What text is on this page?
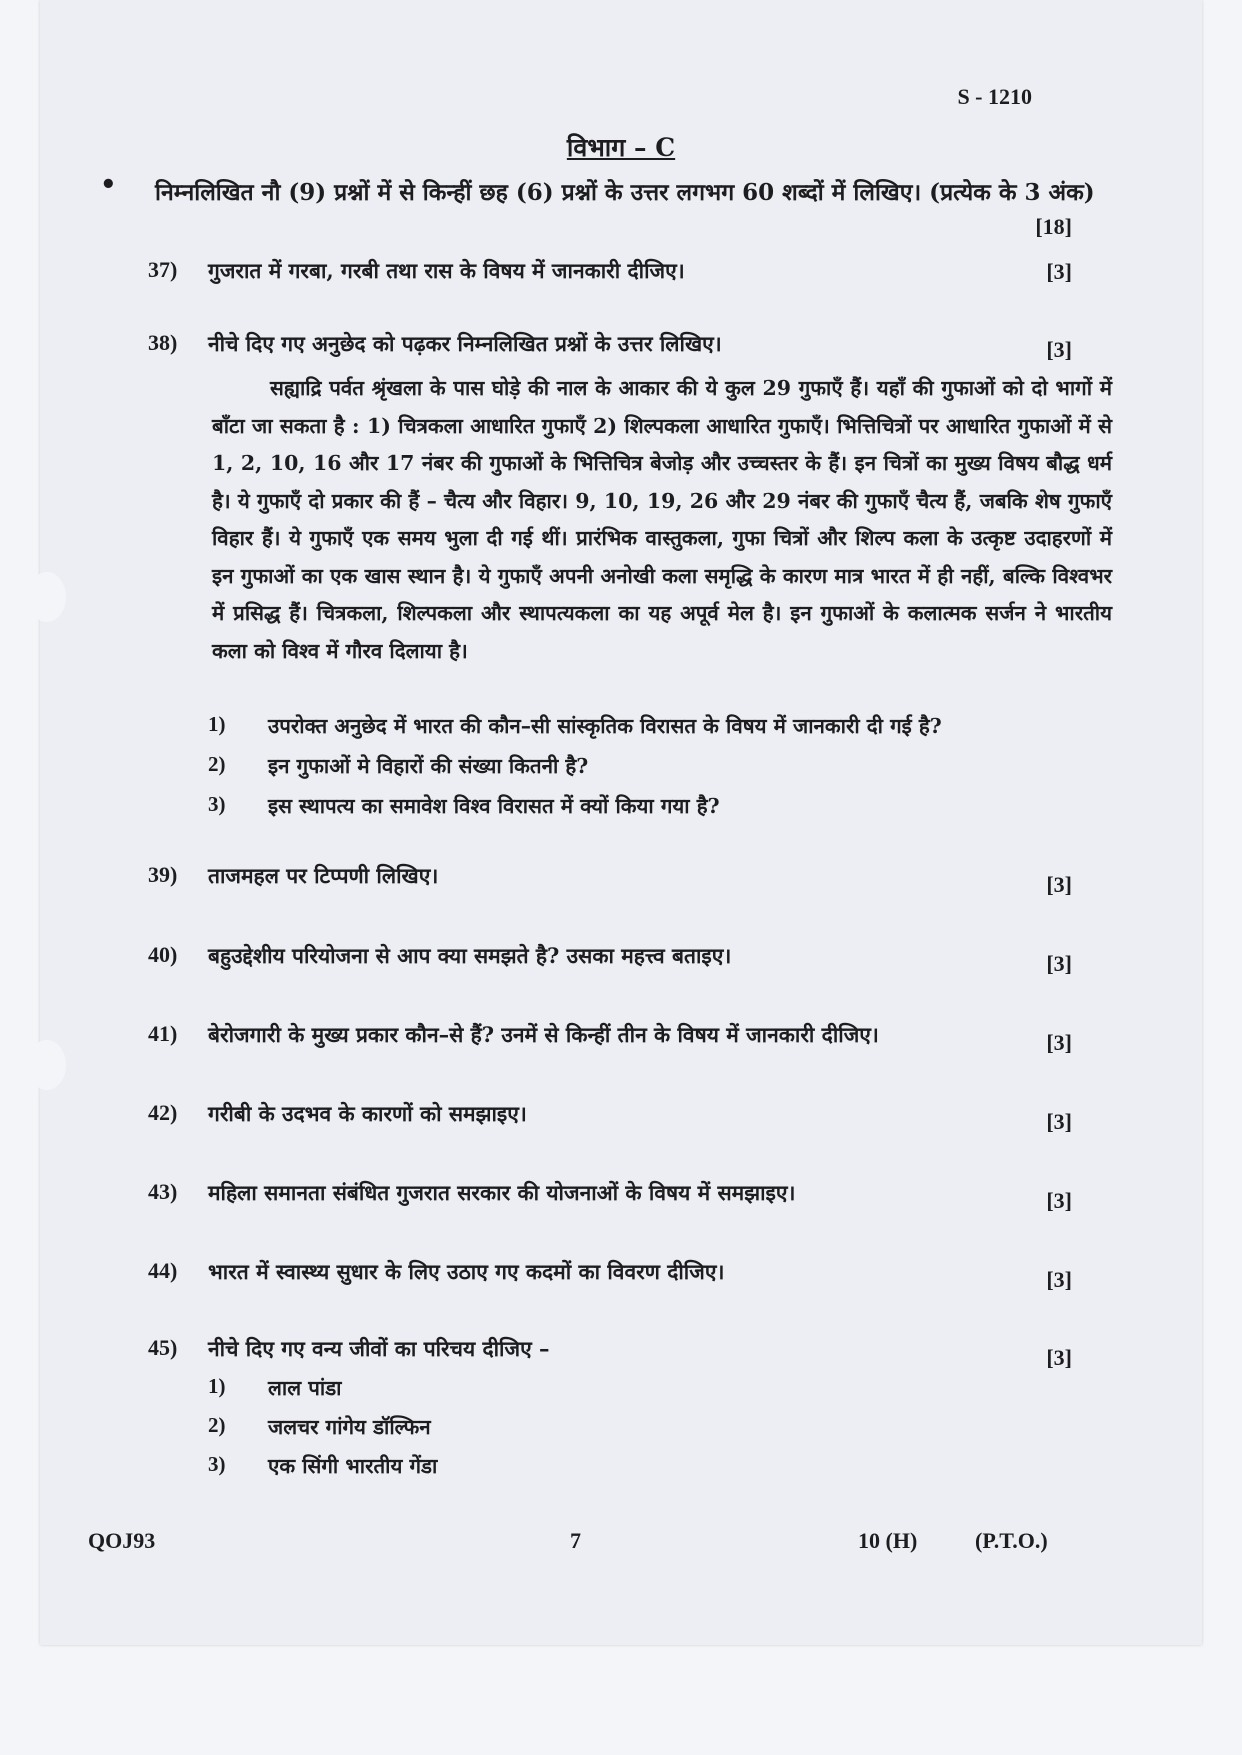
S - 1210
विभाग – C
• निम्नलिखित नौ (9) प्रश्नों में से किन्हीं छह (6) प्रश्नों के उत्तर लगभग 60 शब्दों में लिखिए। (प्रत्येक के 3 अंक)
[18]
37) गुजरात में गरबा, गरबी तथा रास के विषय में जानकारी दीजिए।	[3]
38) नीचे दिए गए अनुछेद को पढ़कर निम्नलिखित प्रश्नों के उत्तर लिखिए।	[3]
सह्याद्रि पर्वत श्रृंखला के पास घोड़े की नाल के आकार की ये कुल 29 गुफाएँ हैं। यहाँ की गुफाओं को दो भागों में बाँटा जा सकता है : 1) चित्रकला आधारित गुफाएँ 2) शिल्पकला आधारित गुफाएँ। भित्तिचित्रों पर आधारित गुफाओं में से 1, 2, 10, 16 और 17 नंबर की गुफाओं के भित्तिचित्र बेजोड़ और उच्चस्तर के हैं। इन चित्रों का मुख्य विषय बौद्ध धर्म है। ये गुफाएँ दो प्रकार की हैं – चैत्य और विहार। 9, 10, 19, 26 और 29 नंबर की गुफाएँ चैत्य हैं, जबकि शेष गुफाएँ विहार हैं। ये गुफाएँ एक समय भुला दी गई थीं। प्रारंभिक वास्तुकला, गुफा चित्रों और शिल्प कला के उत्कृष्ट उदाहरणों में इन गुफाओं का एक खास स्थान है। ये गुफाएँ अपनी अनोखी कला समृद्धि के कारण मात्र भारत में ही नहीं, बल्कि विश्वभर में प्रसिद्ध हैं। चित्रकला, शिल्पकला और स्थापत्यकला का यह अपूर्व मेल है। इन गुफाओं के कलात्मक सर्जन ने भारतीय कला को विश्व में गौरव दिलाया है।
1) उपरोक्त अनुछेद में भारत की कौन–सी सांस्कृतिक विरासत के विषय में जानकारी दी गई है?
2) इन गुफाओं मे विहारों की संख्या कितनी है?
3) इस स्थापत्य का समावेश विश्व विरासत में क्यों किया गया है?
39) ताजमहल पर टिप्पणी लिखिए।	[3]
40) बहुउद्देशीय परियोजना से आप क्या समझते है? उसका महत्त्व बताइए।	[3]
41) बेरोजगारी के मुख्य प्रकार कौन–से हैं? उनमें से किन्हीं तीन के विषय में जानकारी दीजिए।	[3]
42) गरीबी के उदभव के कारणों को समझाइए।	[3]
43) महिला समानता संबंधित गुजरात सरकार की योजनाओं के विषय में समझाइए।	[3]
44) भारत में स्वास्थ्य सुधार के लिए उठाए गए कदमों का विवरण दीजिए।	[3]
45) नीचे दिए गए वन्य जीवों का परिचय दीजिए –	[3]
1) लाल पांडा
2) जलचर गांगेय डॉल्फिन
3) एक सिंगी भारतीय गेंडा
QOJ93	7	10 (H)	(P.T.O.)
